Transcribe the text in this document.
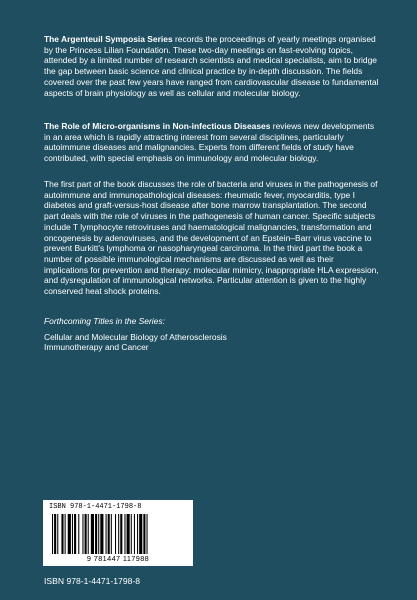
The Argenteuil Symposia Series records the proceedings of yearly meetings organised by the Princess Lilian Foundation. These two-day meetings on fast-evolving topics, attended by a limited number of research scientists and medical specialists, aim to bridge the gap between basic science and clinical practice by in-depth discussion. The fields covered over the past few years have ranged from cardiovascular disease to fundamental aspects of brain physiology as well as cellular and molecular biology.

The Role of Micro-organisms in Non-infectious Diseases reviews new developments in an area which is rapidly attracting interest from several disciplines, particularly autoimmune diseases and malignancies. Experts from different fields of study have contributed, with special emphasis on immunology and molecular biology.

The first part of the book discusses the role of bacteria and viruses in the pathogenesis of autoimmune and immunopathological diseases: rheumatic fever, myocarditis, type I diabetes and graft-versus-host disease after bone marrow transplantation. The second part deals with the role of viruses in the pathogenesis of human cancer. Specific subjects include T lymphocyte retroviruses and haematological malignancies, transformation and oncogenesis by adenoviruses, and the development of an Epstein–Barr virus vaccine to prevent Burkitt's lymphoma or nasopharyngeal carcinoma. In the third part the book a number of possible immunological mechanisms are discussed as well as their implications for prevention and therapy: molecular mimicry, inappropriate HLA expression, and dysregulation of immunological networks. Particular attention is given to the highly conserved heat shock proteins.

Forthcoming Titles in the Series:

Cellular and Molecular Biology of Atherosclerosis

Immunotherapy and Cancer

ISBN 978-1-4471-1798-8
9 781447 117988
ISBN 978-1-4471-1798-8
